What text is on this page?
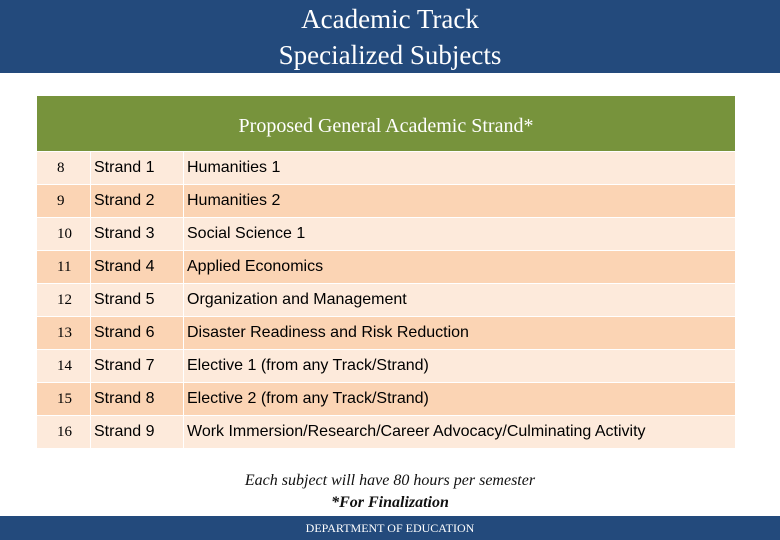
Academic Track
Specialized Subjects
Proposed General Academic Strand*
8	Strand 1	Humanities 1
9	Strand 2	Humanities 2
10	Strand 3	Social Science 1
11	Strand 4	Applied Economics
12	Strand 5	Organization and Management
13	Strand 6	Disaster Readiness and Risk Reduction
14	Strand 7	Elective 1 (from any Track/Strand)
15	Strand 8	Elective 2 (from any Track/Strand)
16	Strand 9	Work Immersion/Research/Career Advocacy/Culminating Activity
Each subject will have 80 hours per semester
*For Finalization
DEPARTMENT OF EDUCATION
